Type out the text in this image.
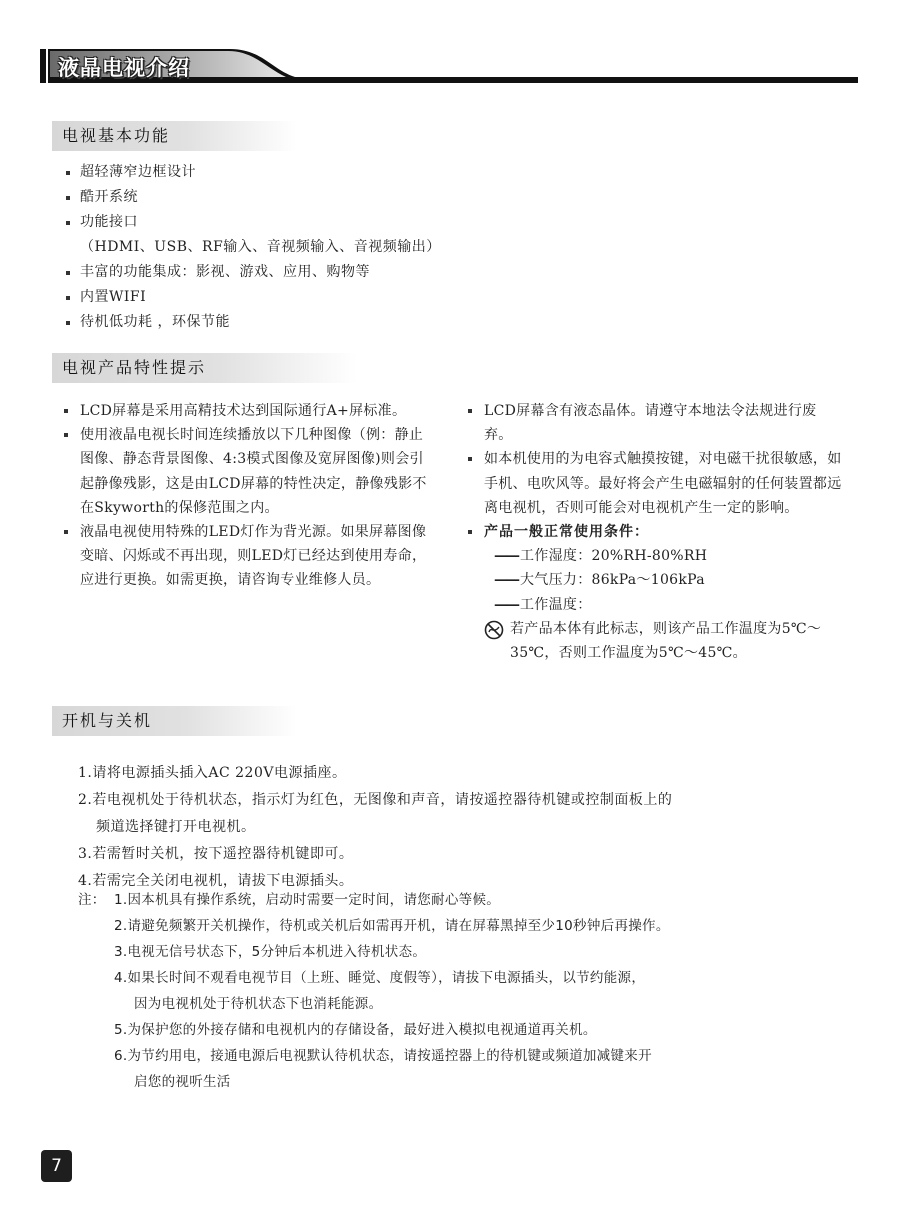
液晶电视介绍
电视基本功能
超轻薄窄边框设计
酷开系统
功能接口
（HDMI、USB、RF输入、音视频输入、音视频输出）
丰富的功能集成：影视、游戏、应用、购物等
内置WIFI
待机低功耗 ，环保节能
电视产品特性提示
LCD屏幕是采用高精技术达到国际通行A+屏标准。
使用液晶电视长时间连续播放以下几种图像（例：静止图像、静态背景图像、4:3模式图像及宽屏图像)则会引起静像残影，这是由LCD屏幕的特性决定，静像残影不在Skyworth的保修范围之内。
液晶电视使用特殊的LED灯作为背光源。如果屏幕图像变暗、闪烁或不再出现，则LED灯已经达到使用寿命，应进行更换。如需更换，请咨询专业维修人员。
LCD屏幕含有液态晶体。请遵守本地法令法规进行废弃。
如本机使用的为电容式触摸按键，对电磁干扰很敏感，如手机、电吹风等。最好将会产生电磁辐射的任何装置都远离电视机，否则可能会对电视机产生一定的影响。
产品一般正常使用条件：
—— 工作湿度：20%RH-80%RH
—— 大气压力：86kPa～106kPa
—— 工作温度：
若产品本体有此标志，则该产品工作温度为5℃～35℃，否则工作温度为5℃～45℃。
开机与关机
1.请将电源插头插入AC 220V电源插座。
2.若电视机处于待机状态，指示灯为红色，无图像和声音，请按遥控器待机键或控制面板上的
频道选择键打开电视机。
3.若需暂时关机，按下遥控器待机键即可。
4.若需完全关闭电视机，请拔下电源插头。
注： 1.因本机具有操作系统，启动时需要一定时间，请您耐心等候。
2.请避免频繁开关机操作，待机或关机后如需再开机，请在屏幕黑掉至少10秒钟后再操作。
3.电视无信号状态下，5分钟后本机进入待机状态。
4.如果长时间不观看电视节目（上班、睡觉、度假等），请拔下电源插头，以节约能源，
因为电视机处于待机状态下也消耗能源。
5.为保护您的外接存储和电视机内的存储设备，最好进入模拟电视通道再关机。
6.为节约用电，接通电源后电视默认待机状态，请按遥控器上的待机键或频道加减键来开
启您的视听生活
7
